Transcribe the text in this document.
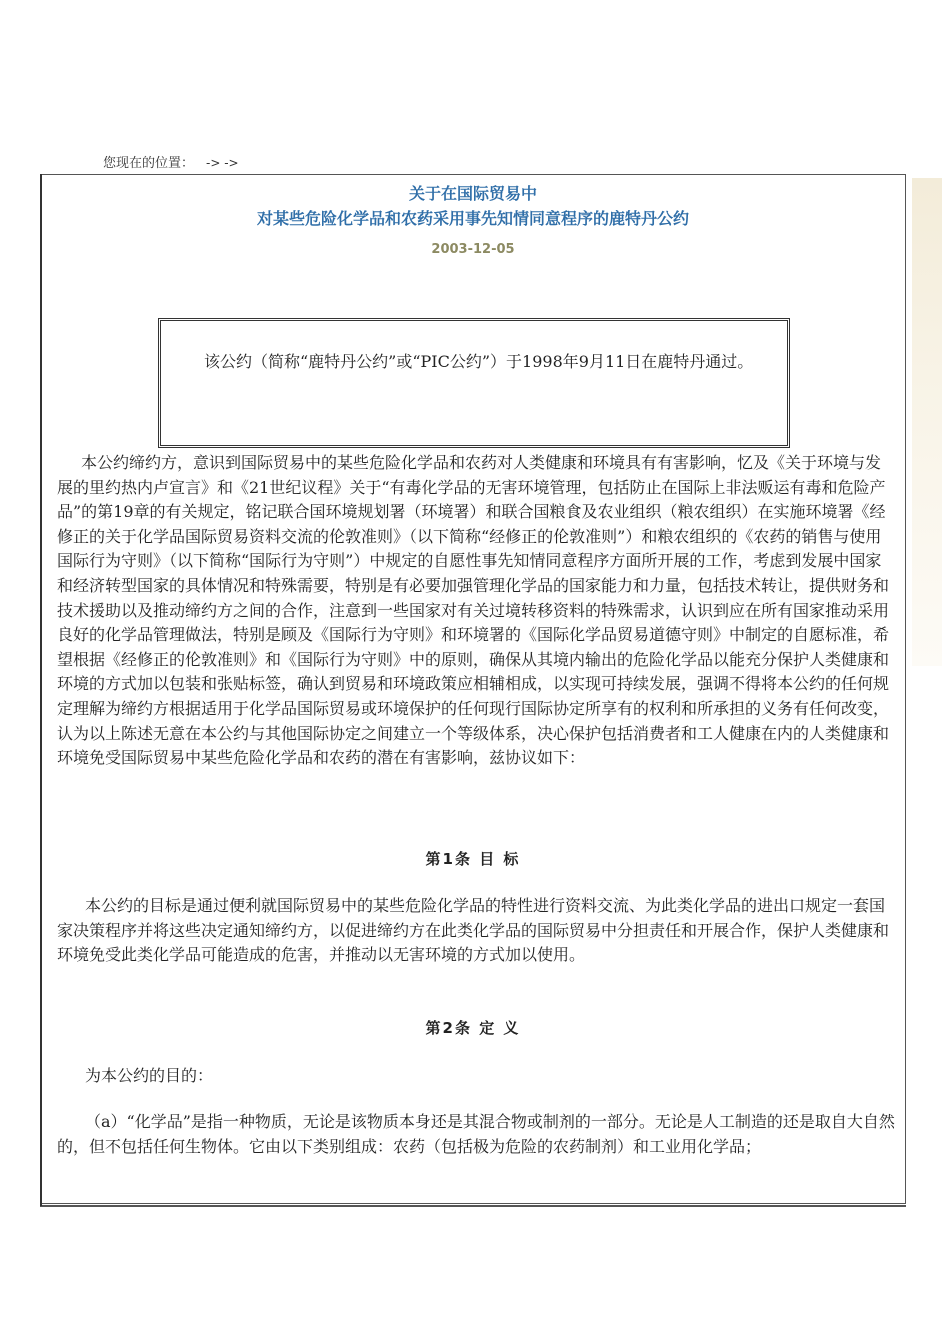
您现在的位置： -> ->
关于在国际贸易中
对某些危险化学品和农药采用事先知情同意程序的鹿特丹公约
2003-12-05

该公约（简称“鹿特丹公约”或“PIC公约”）于1998年9月11日在鹿特丹通过。

本公约缔约方，意识到国际贸易中的某些危险化学品和农药对人类健康和环境具有有害影响，忆及《关于环境与发展的里约热内卢宣言》和《21世纪议程》关于“有毒化学品的无害环境管理，包括防止在国际上非法贩运有毒和危险产品”的第19章的有关规定，铭记联合国环境规划署（环境署）和联合国粮食及农业组织（粮农组织）在实施环境署《经修正的关于化学品国际贸易资料交流的伦敦准则》（以下简称“经修正的伦敦准则”）和粮农组织的《农药的销售与使用国际行为守则》（以下简称“国际行为守则”）中规定的自愿性事先知情同意程序方面所开展的工作，考虑到发展中国家和经济转型国家的具体情况和特殊需要，特别是有必要加强管理化学品的国家能力和力量，包括技术转让，提供财务和技术援助以及推动缔约方之间的合作，注意到一些国家对有关过境转移资料的特殊需求，认识到应在所有国家推动采用良好的化学品管理做法，特别是顾及《国际行为守则》和环境署的《国际化学品贸易道德守则》中制定的自愿标准，希望根据《经修正的伦敦准则》和《国际行为守则》中的原则，确保从其境内输出的危险化学品以能充分保护人类健康和环境的方式加以包装和张贴标签，确认到贸易和环境政策应相辅相成，以实现可持续发展，强调不得将本公约的任何规定理解为缔约方根据适用于化学品国际贸易或环境保护的任何现行国际协定所享有的权利和所承担的义务有任何改变，认为以上陈述无意在本公约与其他国际协定之间建立一个等级体系，决心保护包括消费者和工人健康在内的人类健康和环境免受国际贸易中某些危险化学品和农药的潜在有害影响，兹协议如下：

第1条 目 标

本公约的目标是通过便利就国际贸易中的某些危险化学品的特性进行资料交流、为此类化学品的进出口规定一套国家决策程序并将这些决定通知缔约方，以促进缔约方在此类化学品的国际贸易中分担责任和开展合作，保护人类健康和环境免受此类化学品可能造成的危害，并推动以无害环境的方式加以使用。

第2条 定 义

为本公约的目的：

（a）“化学品”是指一种物质，无论是该物质本身还是其混合物或制剂的一部分。无论是人工制造的还是取自大自然的，但不包括任何生物体。它由以下类别组成：农药（包括极为危险的农药制剂）和工业用化学品；
